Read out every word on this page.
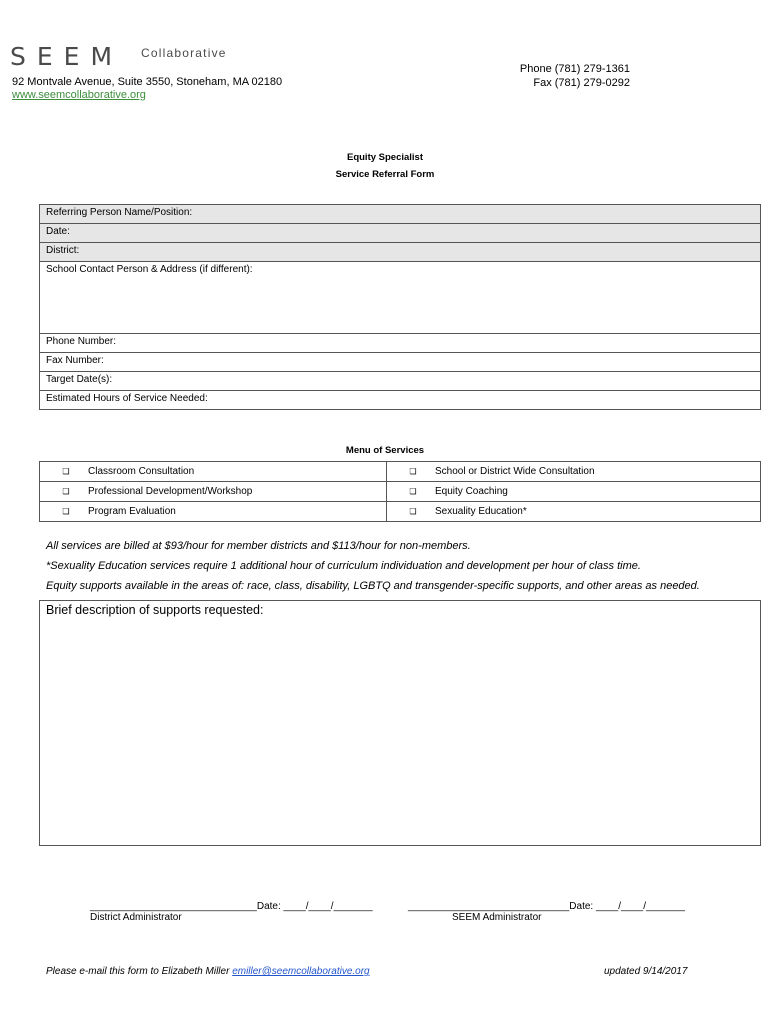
SEEM Collaborative
92 Montvale Avenue, Suite 3550, Stoneham, MA 02180
www.seemcollaborative.org
Phone (781) 279-1361
Fax (781) 279-0292
Equity Specialist
Service Referral Form
Referring Person Name/Position:
Date:
District:
School Contact Person & Address (if different):
Phone Number:
Fax Number:
Target Date(s):
Estimated Hours of Service Needed:
Menu of Services
❑ Classroom Consultation	❑ School or District Wide Consultation
❑ Professional Development/Workshop	❑ Equity Coaching
❑ Program Evaluation	❑ Sexuality Education*
All services are billed at $93/hour for member districts and $113/hour for non-members.
*Sexuality Education services require 1 additional hour of curriculum individuation and development per hour of class time.
Equity supports available in the areas of: race, class, disability, LGBTQ and transgender-specific supports, and other areas as needed.
Brief description of supports requested:
______________________________Date: ____/____/_______
District Administrator
_____________________________Date: ____/____/_______
SEEM Administrator
Please e-mail this form to Elizabeth Miller emiller@seemcollaborative.org	updated 9/14/2017
